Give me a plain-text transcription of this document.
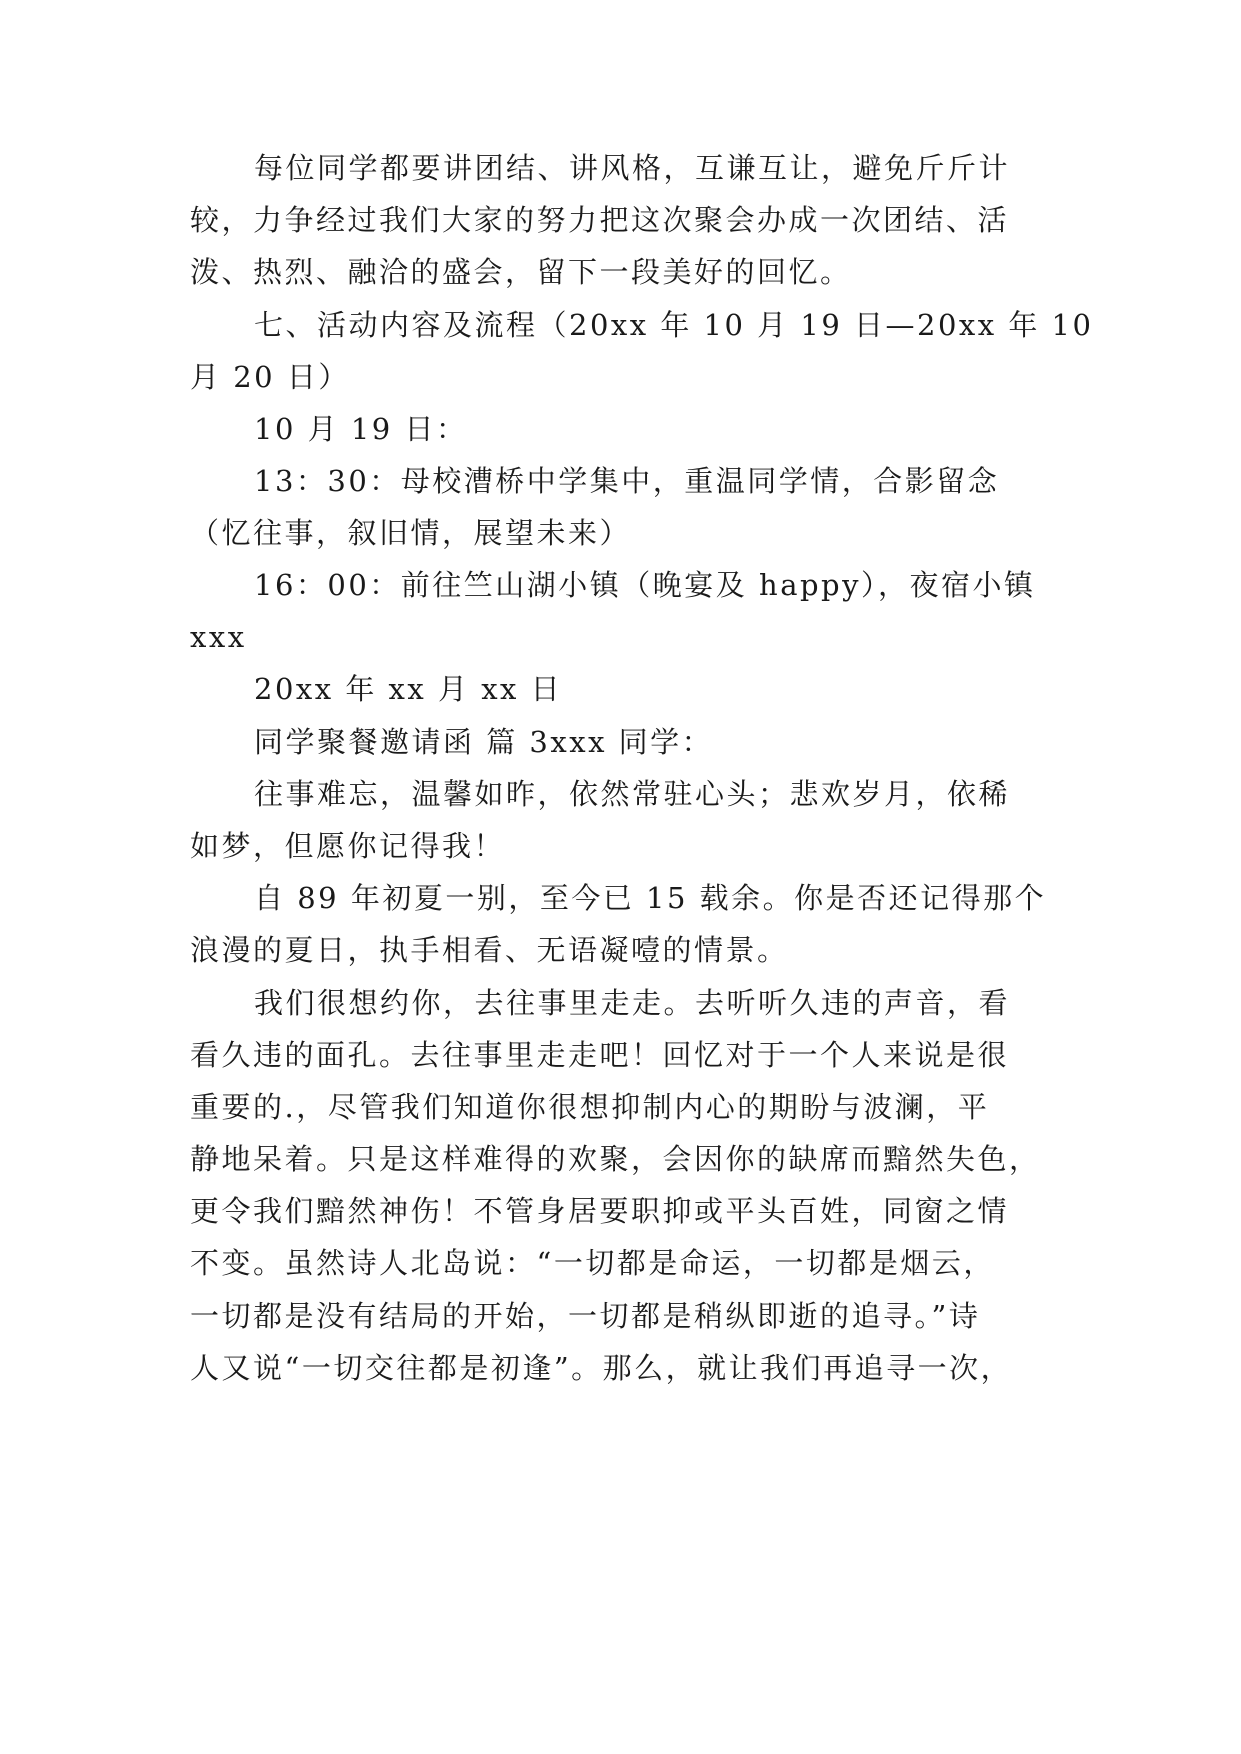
每位同学都要讲团结、讲风格，互谦互让，避免斤斤计
较，力争经过我们大家的努力把这次聚会办成一次团结、活
泼、热烈、融洽的盛会，留下一段美好的回忆。
七、活动内容及流程（20xx 年 10 月 19 日—20xx 年 10
月 20 日）
10 月 19 日：
13：30：母校漕桥中学集中，重温同学情，合影留念
（忆往事，叙旧情，展望未来）
16：00：前往竺山湖小镇（晚宴及 happy），夜宿小镇
xxx
20xx 年 xx 月 xx 日
同学聚餐邀请函 篇 3xxx 同学：
往事难忘，温馨如昨，依然常驻心头；悲欢岁月，依稀
如梦，但愿你记得我！
自 89 年初夏一别，至今已 15 载余。你是否还记得那个
浪漫的夏日，执手相看、无语凝噎的情景。
我们很想约你，去往事里走走。去听听久违的声音，看
看久违的面孔。去往事里走走吧！回忆对于一个人来说是很
重要的.，尽管我们知道你很想抑制内心的期盼与波澜，平
静地呆着。只是这样难得的欢聚，会因你的缺席而黯然失色，
更令我们黯然神伤！不管身居要职抑或平头百姓，同窗之情
不变。虽然诗人北岛说：“一切都是命运，一切都是烟云，
一切都是没有结局的开始，一切都是稍纵即逝的追寻。”诗
人又说“一切交往都是初逢”。那么，就让我们再追寻一次，
